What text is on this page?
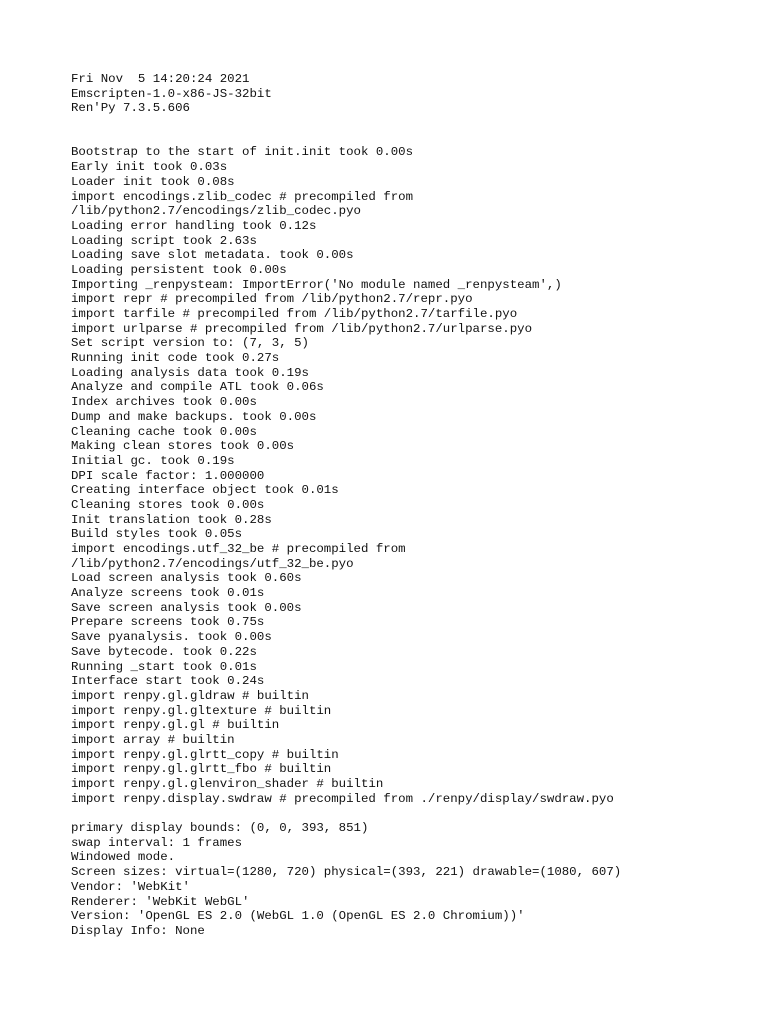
Fri Nov  5 14:20:24 2021
Emscripten-1.0-x86-JS-32bit
Ren'Py 7.3.5.606
Bootstrap to the start of init.init took 0.00s
Early init took 0.03s
Loader init took 0.08s
import encodings.zlib_codec # precompiled from
/lib/python2.7/encodings/zlib_codec.pyo
Loading error handling took 0.12s
Loading script took 2.63s
Loading save slot metadata. took 0.00s
Loading persistent took 0.00s
Importing _renpysteam: ImportError('No module named _renpysteam',)
import repr # precompiled from /lib/python2.7/repr.pyo
import tarfile # precompiled from /lib/python2.7/tarfile.pyo
import urlparse # precompiled from /lib/python2.7/urlparse.pyo
Set script version to: (7, 3, 5)
Running init code took 0.27s
Loading analysis data took 0.19s
Analyze and compile ATL took 0.06s
Index archives took 0.00s
Dump and make backups. took 0.00s
Cleaning cache took 0.00s
Making clean stores took 0.00s
Initial gc. took 0.19s
DPI scale factor: 1.000000
Creating interface object took 0.01s
Cleaning stores took 0.00s
Init translation took 0.28s
Build styles took 0.05s
import encodings.utf_32_be # precompiled from
/lib/python2.7/encodings/utf_32_be.pyo
Load screen analysis took 0.60s
Analyze screens took 0.01s
Save screen analysis took 0.00s
Prepare screens took 0.75s
Save pyanalysis. took 0.00s
Save bytecode. took 0.22s
Running _start took 0.01s
Interface start took 0.24s
import renpy.gl.gldraw # builtin
import renpy.gl.gltexture # builtin
import renpy.gl.gl # builtin
import array # builtin
import renpy.gl.glrtt_copy # builtin
import renpy.gl.glrtt_fbo # builtin
import renpy.gl.glenviron_shader # builtin
import renpy.display.swdraw # precompiled from ./renpy/display/swdraw.pyo
primary display bounds: (0, 0, 393, 851)
swap interval: 1 frames
Windowed mode.
Screen sizes: virtual=(1280, 720) physical=(393, 221) drawable=(1080, 607)
Vendor: 'WebKit'
Renderer: 'WebKit WebGL'
Version: 'OpenGL ES 2.0 (WebGL 1.0 (OpenGL ES 2.0 Chromium))'
Display Info: None
